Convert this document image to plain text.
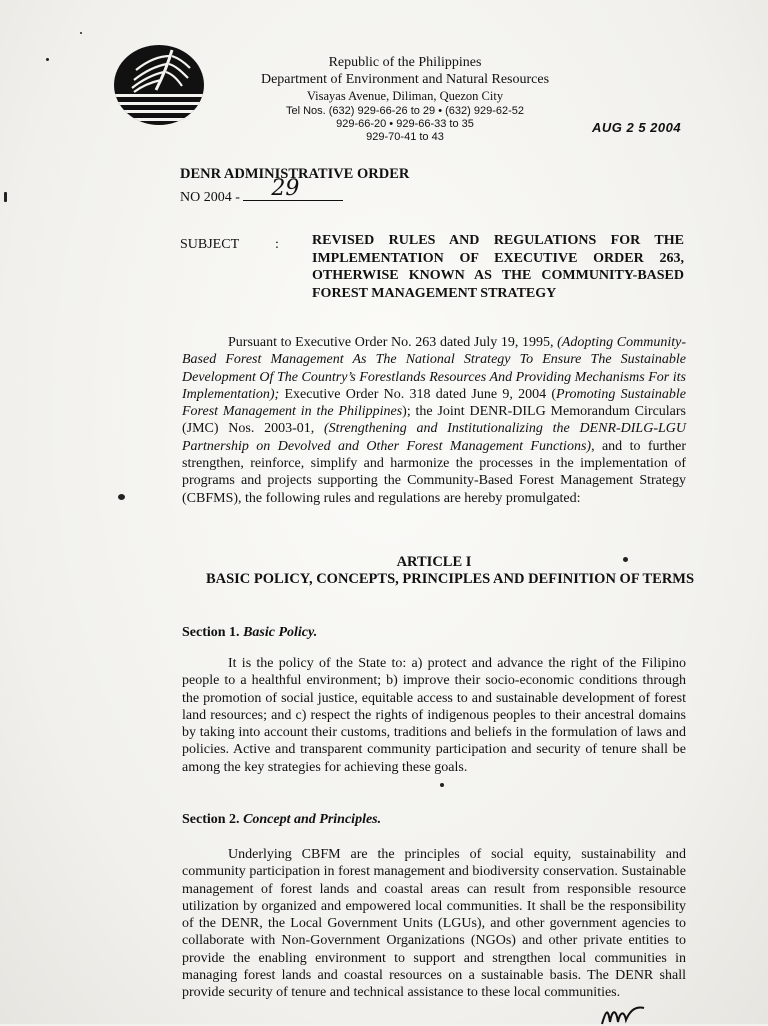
Republic of the Philippines
Department of Environment and Natural Resources
Visayas Avenue, Diliman, Quezon City
Tel Nos. (632) 929-66-26 to 29 • (632) 929-62-52
929-66-20 • 929-66-33 to 35
929-70-41 to 43
AUG 2 5 2004
DENR ADMINISTRATIVE ORDER
NO 2004 - 29
SUBJECT	: REVISED RULES AND REGULATIONS FOR THE IMPLEMENTATION OF EXECUTIVE ORDER 263, OTHERWISE KNOWN AS THE COMMUNITY-BASED FOREST MANAGEMENT STRATEGY
Pursuant to Executive Order No. 263 dated July 19, 1995, (Adopting Community-Based Forest Management As The National Strategy To Ensure The Sustainable Development Of The Country’s Forestlands Resources And Providing Mechanisms For its Implementation); Executive Order No. 318 dated June 9, 2004 (Promoting Sustainable Forest Management in the Philippines); the Joint DENR-DILG Memorandum Circulars (JMC) Nos. 2003-01, (Strengthening and Institutionalizing the DENR-DILG-LGU Partnership on Devolved and Other Forest Management Functions), and to further strengthen, reinforce, simplify and harmonize the processes in the implementation of programs and projects supporting the Community-Based Forest Management Strategy (CBFMS), the following rules and regulations are hereby promulgated:
ARTICLE I
BASIC POLICY, CONCEPTS, PRINCIPLES AND DEFINITION OF TERMS
Section 1. Basic Policy.
It is the policy of the State to: a) protect and advance the right of the Filipino people to a healthful environment; b) improve their socio-economic conditions through the promotion of social justice, equitable access to and sustainable development of forest land resources; and c) respect the rights of indigenous peoples to their ancestral domains by taking into account their customs, traditions and beliefs in the formulation of laws and policies. Active and transparent community participation and security of tenure shall be among the key strategies for achieving these goals.
Section 2. Concept and Principles.
Underlying CBFM are the principles of social equity, sustainability and community participation in forest management and biodiversity conservation. Sustainable management of forest lands and coastal areas can result from responsible resource utilization by organized and empowered local communities. It shall be the responsibility of the DENR, the Local Government Units (LGUs), and other government agencies to collaborate with Non-Government Organizations (NGOs) and other private entities to provide the enabling environment to support and strengthen local communities in managing forest lands and coastal resources on a sustainable basis. The DENR shall provide security of tenure and technical assistance to these local communities.
